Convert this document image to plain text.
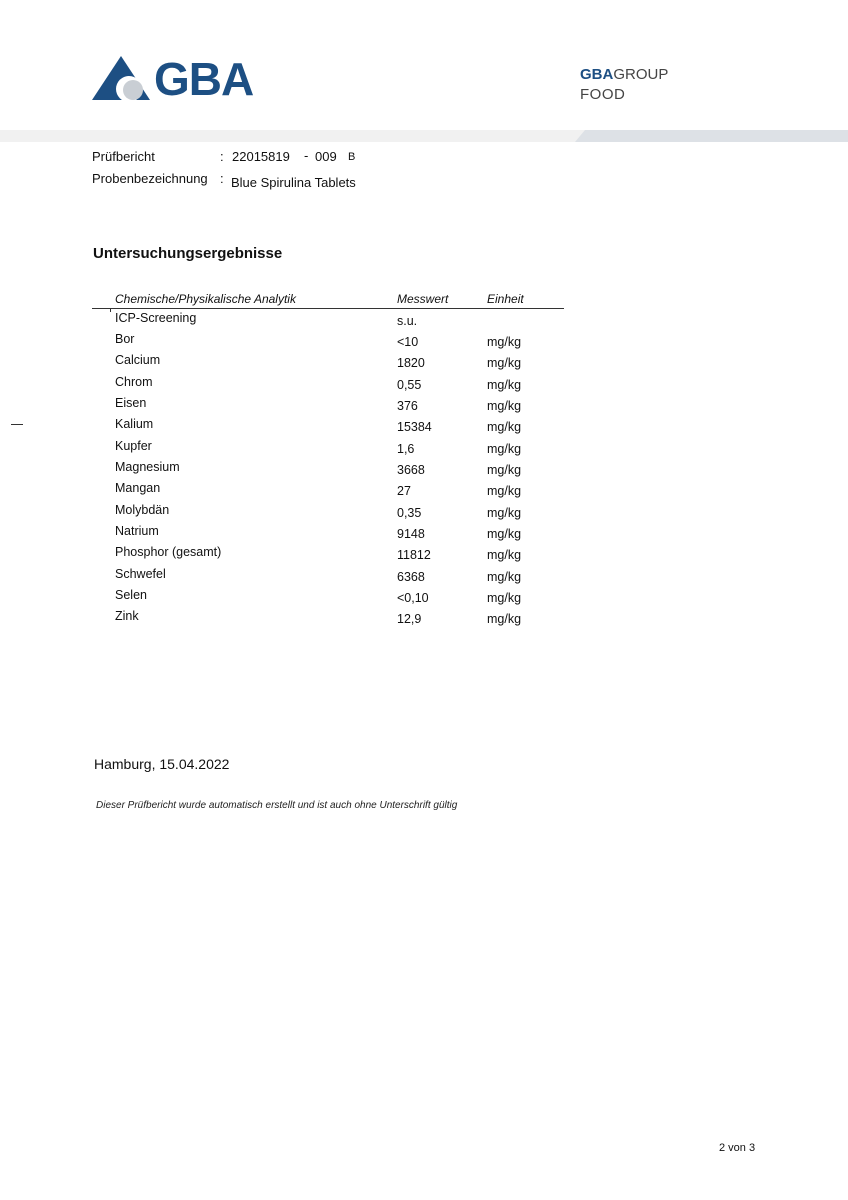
GBA	GBAGROUP
FOOD
Prüfbericht	: 22015819 - 009 B
Probenbezeichnung : Blue Spirulina Tablets
Untersuchungsergebnisse
Chemische/Physikalische Analytik	Messwert	Einheit
ICP-Screening	s.u.
Bor	<10	mg/kg
Calcium	1820	mg/kg
Chrom	0,55	mg/kg
Eisen	376	mg/kg
Kalium	15384	mg/kg
Kupfer	1,6	mg/kg
Magnesium	3668	mg/kg
Mangan	27	mg/kg
Molybdän	0,35	mg/kg
Natrium	9148	mg/kg
Phosphor (gesamt)	11812	mg/kg
Schwefel	6368	mg/kg
Selen	<0,10	mg/kg
Zink	12,9	mg/kg
Hamburg, 15.04.2022
Dieser Prüfbericht wurde automatisch erstellt und ist auch ohne Unterschrift gültig
2 von 3
